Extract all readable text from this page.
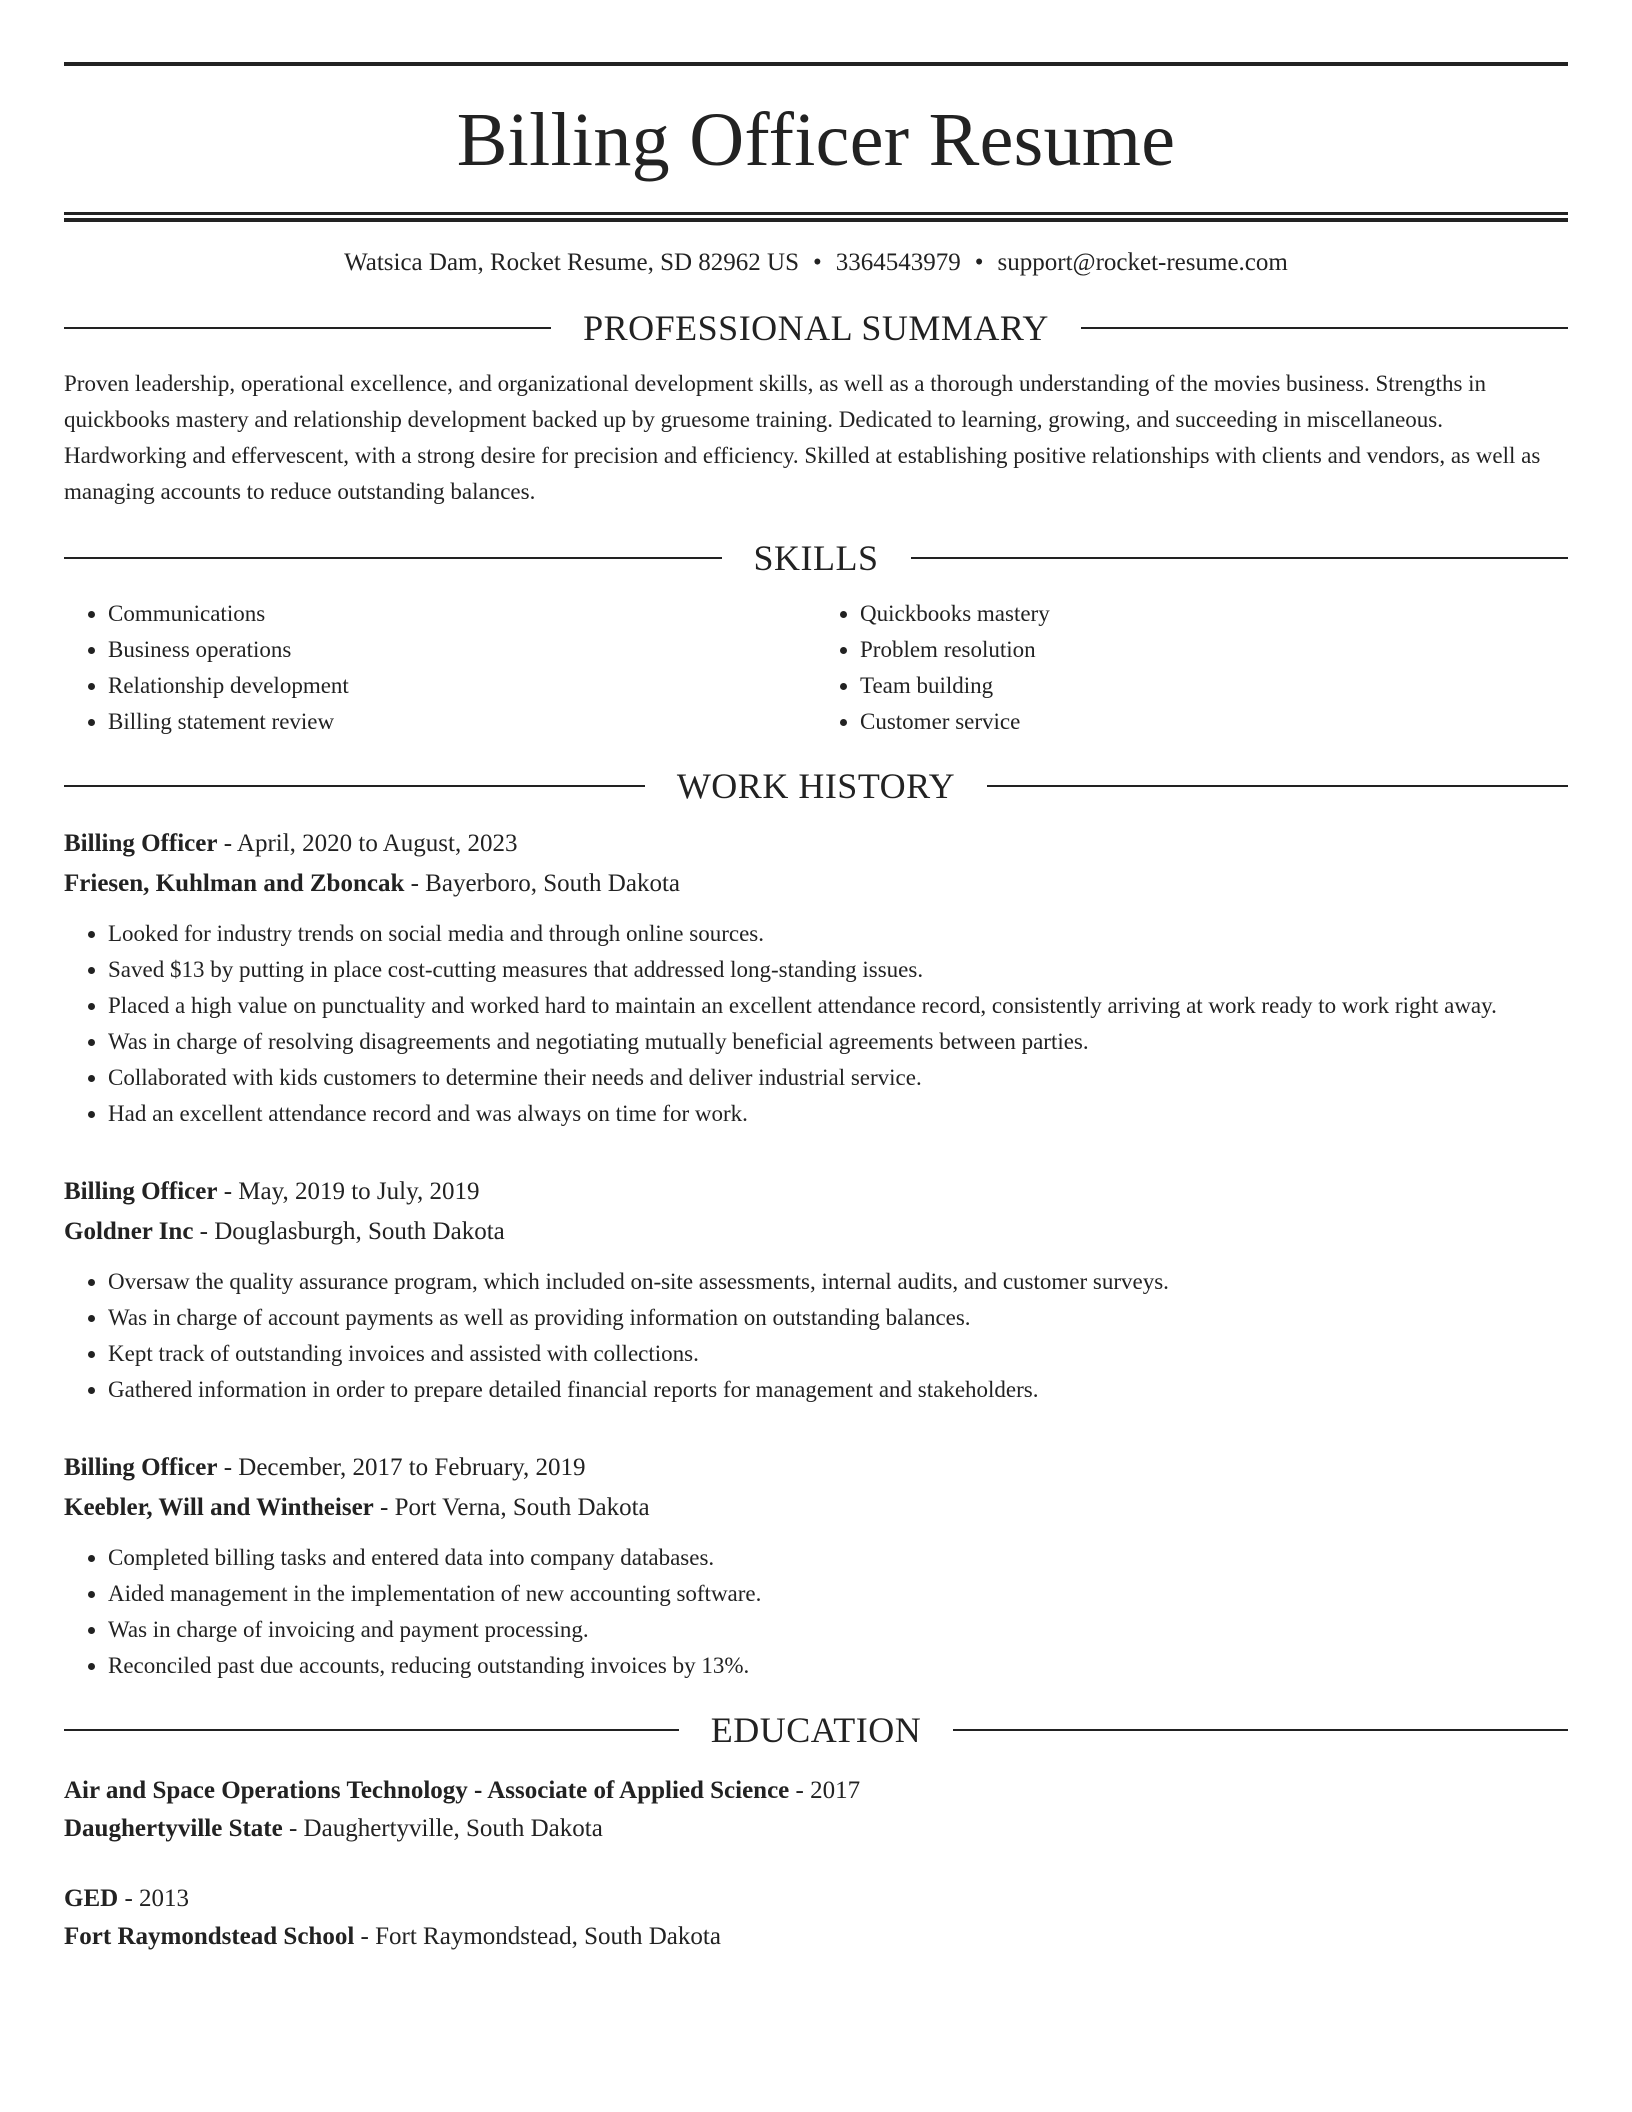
Billing Officer Resume
Watsica Dam, Rocket Resume, SD 82962 US • 3364543979 • support@rocket-resume.com
PROFESSIONAL SUMMARY
Proven leadership, operational excellence, and organizational development skills, as well as a thorough understanding of the movies business. Strengths in quickbooks mastery and relationship development backed up by gruesome training. Dedicated to learning, growing, and succeeding in miscellaneous. Hardworking and effervescent, with a strong desire for precision and efficiency. Skilled at establishing positive relationships with clients and vendors, as well as managing accounts to reduce outstanding balances.
SKILLS
• Communications
• Business operations
• Relationship development
• Billing statement review
• Quickbooks mastery
• Problem resolution
• Team building
• Customer service
WORK HISTORY
Billing Officer - April, 2020 to August, 2023
Friesen, Kuhlman and Zboncak - Bayerboro, South Dakota
• Looked for industry trends on social media and through online sources.
• Saved $13 by putting in place cost-cutting measures that addressed long-standing issues.
• Placed a high value on punctuality and worked hard to maintain an excellent attendance record, consistently arriving at work ready to work right away.
• Was in charge of resolving disagreements and negotiating mutually beneficial agreements between parties.
• Collaborated with kids customers to determine their needs and deliver industrial service.
• Had an excellent attendance record and was always on time for work.
Billing Officer - May, 2019 to July, 2019
Goldner Inc - Douglasburgh, South Dakota
• Oversaw the quality assurance program, which included on-site assessments, internal audits, and customer surveys.
• Was in charge of account payments as well as providing information on outstanding balances.
• Kept track of outstanding invoices and assisted with collections.
• Gathered information in order to prepare detailed financial reports for management and stakeholders.
Billing Officer - December, 2017 to February, 2019
Keebler, Will and Wintheiser - Port Verna, South Dakota
• Completed billing tasks and entered data into company databases.
• Aided management in the implementation of new accounting software.
• Was in charge of invoicing and payment processing.
• Reconciled past due accounts, reducing outstanding invoices by 13%.
EDUCATION
Air and Space Operations Technology - Associate of Applied Science - 2017
Daughertyville State - Daughertyville, South Dakota
GED - 2013
Fort Raymondstead School - Fort Raymondstead, South Dakota
